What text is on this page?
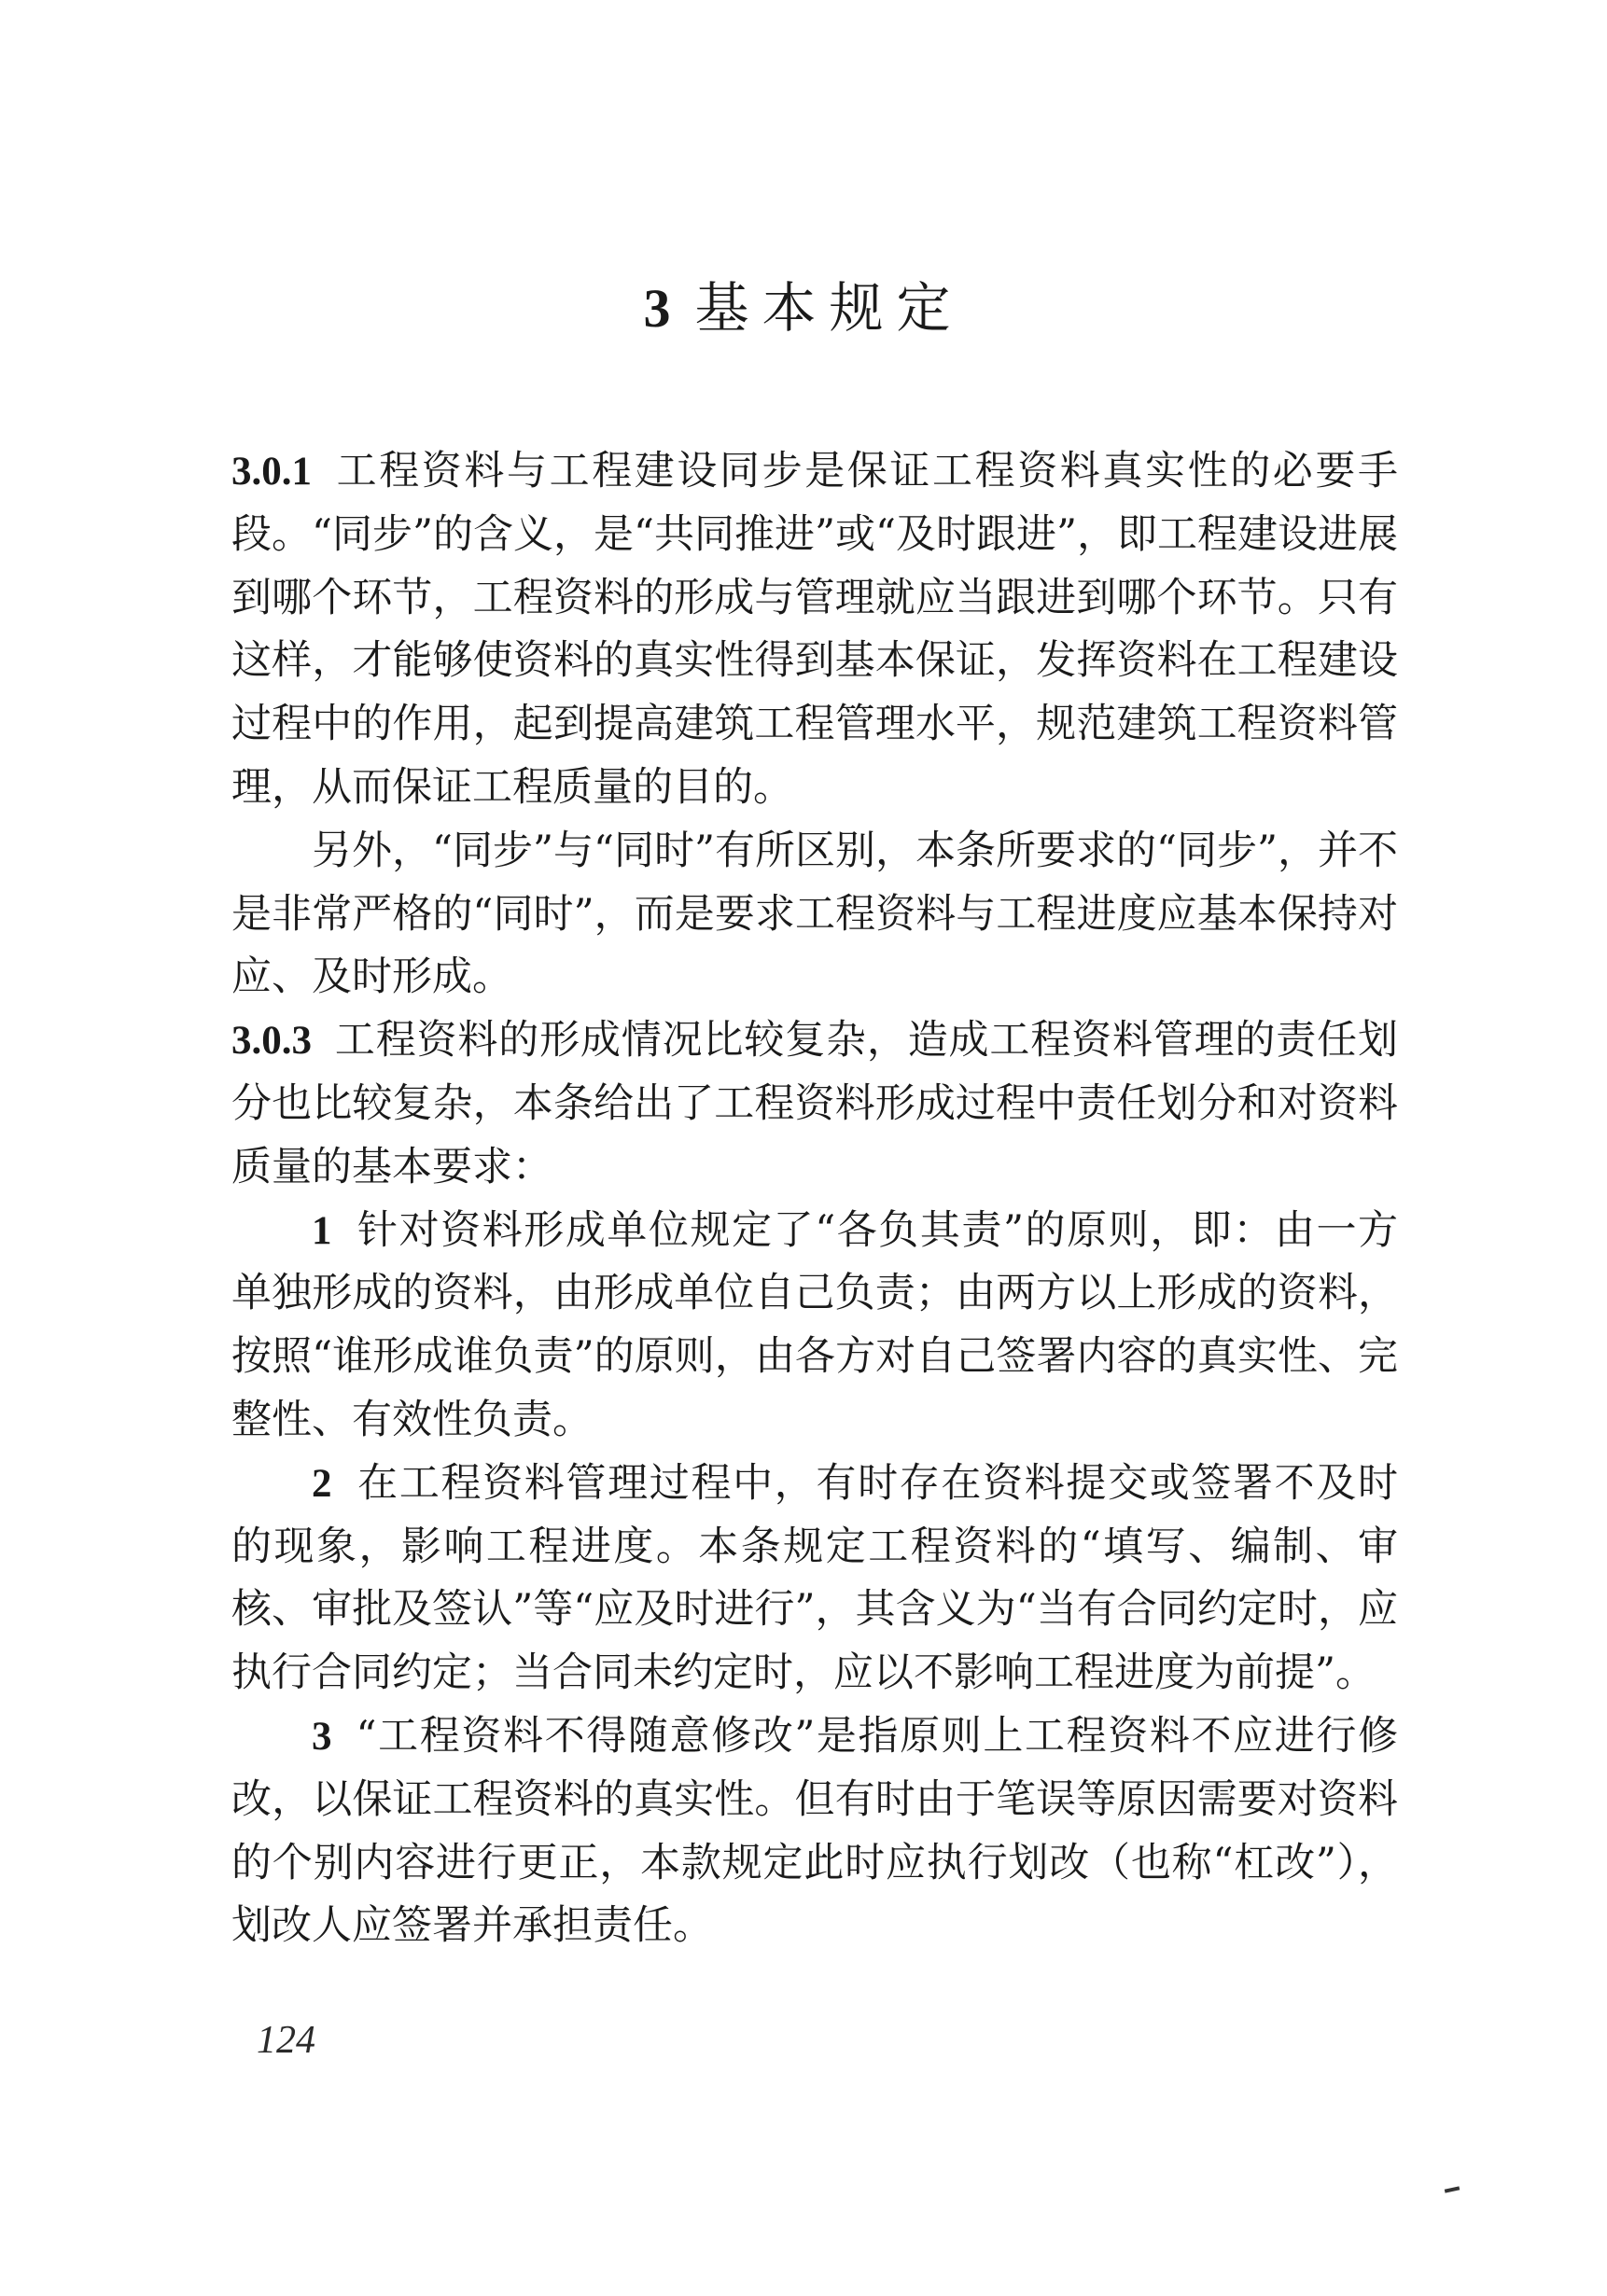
3 基本规定

3.0.1 工程资料与工程建设同步是保证工程资料真实性的必要手段。“同步”的含义，是“共同推进”或“及时跟进”，即工程建设进展到哪个环节，工程资料的形成与管理就应当跟进到哪个环节。只有这样，才能够使资料的真实性得到基本保证，发挥资料在工程建设过程中的作用，起到提高建筑工程管理水平，规范建筑工程资料管理，从而保证工程质量的目的。

另外，“同步”与“同时”有所区别，本条所要求的“同步”，并不是非常严格的“同时”，而是要求工程资料与工程进度应基本保持对应、及时形成。

3.0.3 工程资料的形成情况比较复杂，造成工程资料管理的责任划分也比较复杂，本条给出了工程资料形成过程中责任划分和对资料质量的基本要求：

1 针对资料形成单位规定了“各负其责”的原则，即：由一方单独形成的资料，由形成单位自己负责；由两方以上形成的资料，按照“谁形成谁负责”的原则，由各方对自己签署内容的真实性、完整性、有效性负责。

2 在工程资料管理过程中，有时存在资料提交或签署不及时的现象，影响工程进度。本条规定工程资料的“填写、编制、审核、审批及签认”等“应及时进行”，其含义为“当有合同约定时，应执行合同约定；当合同未约定时，应以不影响工程进度为前提”。

3 “工程资料不得随意修改”是指原则上工程资料不应进行修改，以保证工程资料的真实性。但有时由于笔误等原因需要对资料的个别内容进行更正，本款规定此时应执行划改（也称“杠改”），划改人应签署并承担责任。

124
